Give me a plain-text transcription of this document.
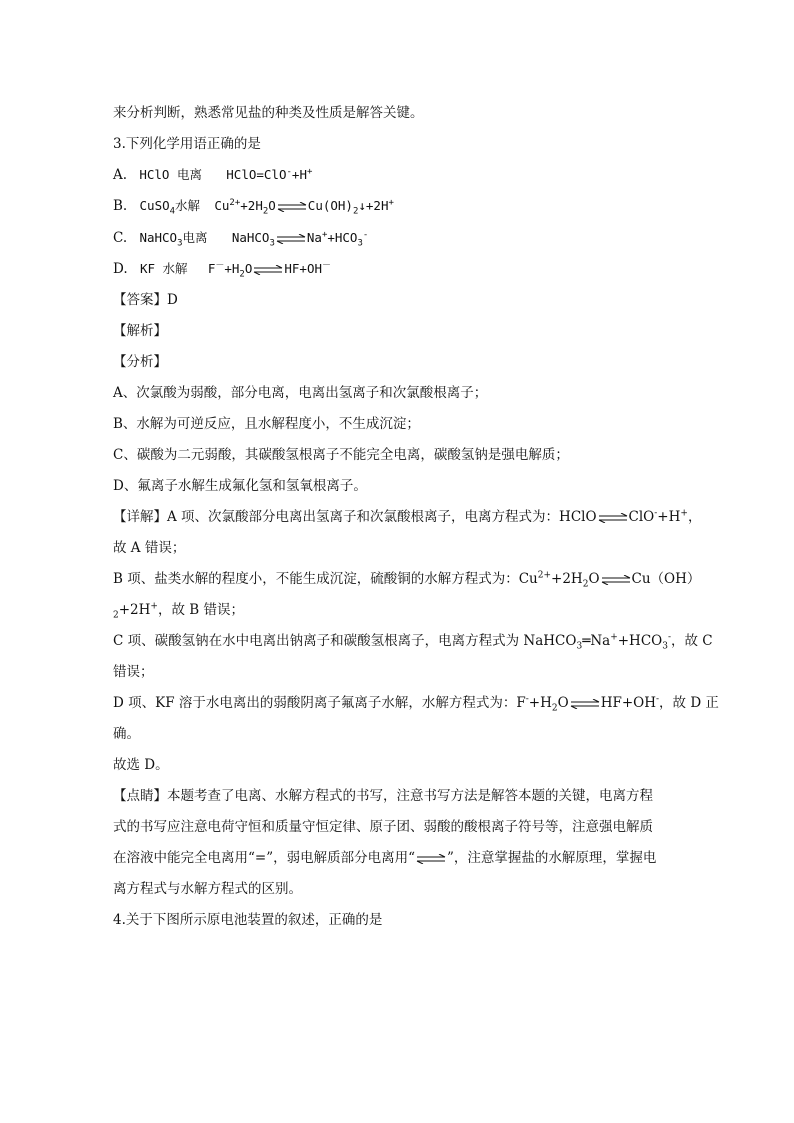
来分析判断，熟悉常见盐的种类及性质是解答关键。
3.下列化学用语正确的是
A. HClO 电离 HClO=ClO-+H+
B. CuSO$_4$水解 $Cu^{2+}+2H_2O\rightleftharpoons Cu(OH)_2↓+2H^+$
C. NaHCO$_3$电离 $NaHCO_3\rightleftharpoons Na^++HCO_3^-$
D. KF 水解 $F^-+H_2O\rightleftharpoons HF+OH^-$
【答案】D
【解析】
【分析】
A、次氯酸为弱酸，部分电离，电离出氢离子和次氯酸根离子；
B、水解为可逆反应，且水解程度小，不生成沉淀；
C、碳酸为二元弱酸，其碳酸氢根离子不能完全电离，碳酸氢钠是强电解质；
D、氟离子水解生成氟化氢和氢氧根离子。
【详解】A 项、次氯酸部分电离出氢离子和次氯酸根离子，电离方程式为：HClO⇌ClO-+H+，
故 A 错误；
B 项、盐类水解的程度小，不能生成沉淀，硫酸铜的水解方程式为：$Cu^{2+}+2H_2O\rightleftharpoons Cu(OH)$
$_2$+2H+，故 B 错误；
C 项、碳酸氢钠在水中电离出钠离子和碳酸氢根离子，电离方程式为 $NaHCO_3═Na^++HCO_3^-$，故 C
错误；
D 项、KF 溶于水电离出的弱酸阴离子氟离子水解，水解方程式为：$F^-+H_2O\rightleftharpoons HF+OH^-$，故 D 正
确。
故选 D。
【点睛】本题考查了电离、水解方程式的书写，注意书写方法是解答本题的关键，电离方程
式的书写应注意电荷守恒和质量守恒定律、原子团、弱酸的酸根离子符号等，注意强电解质
在溶液中能完全电离用“=”，弱电解质部分电离用“⇌”，注意掌握盐的水解原理，掌握电
离方程式与水解方程式的区别。
4.关于下图所示原电池装置的叙述，正确的是
